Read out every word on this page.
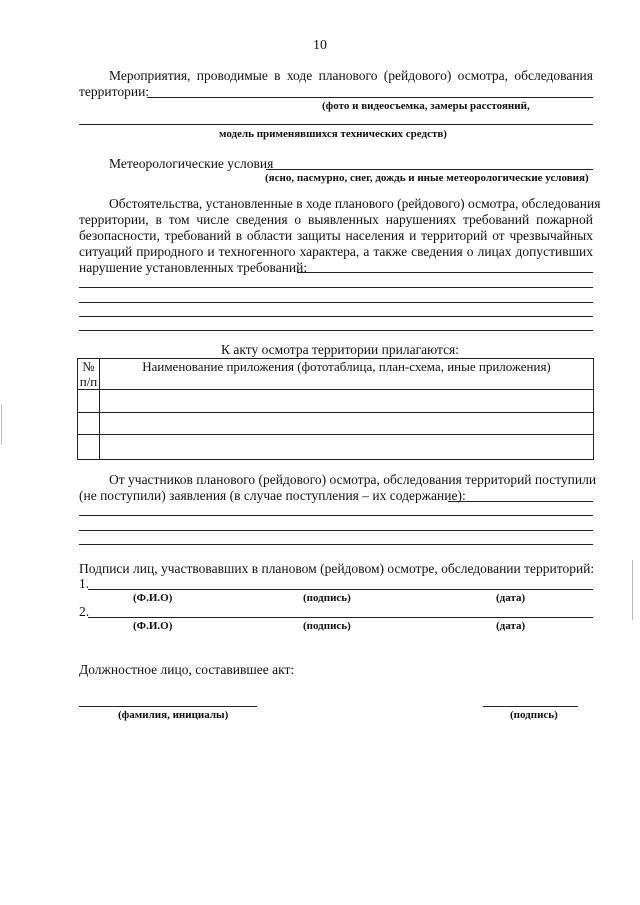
10
Мероприятия, проводимые в ходе планового (рейдового) осмотра, обследования
территории:
(фото и видеосъемка, замеры расстояний,
модель применявшихся технических средств)
Метеорологические условия
(ясно, пасмурно, снег, дождь и иные метеорологические условия)
Обстоятельства, установленные в ходе планового (рейдового) осмотра, обследования
территории, в том числе сведения о выявленных нарушениях требований пожарной
безопасности, требований в области защиты населения и территорий от чрезвычайных
ситуаций природного и техногенного характера, а также сведения о лицах допустивших
нарушение установленных требований:
К акту осмотра территории прилагаются:
№
п/п	Наименование приложения (фототаблица, план-схема, иные приложения)

От участников планового (рейдового) осмотра, обследования территорий поступили
(не поступили) заявления (в случае поступления – их содержание):
Подписи лиц, участвовавших в плановом (рейдовом) осмотре, обследовании территорий:
1.
(Ф.И.О)	(подпись)	(дата)
2.
(Ф.И.О)	(подпись)	(дата)
Должностное лицо, составившее акт:
(фамилия, инициалы)	(подпись)
